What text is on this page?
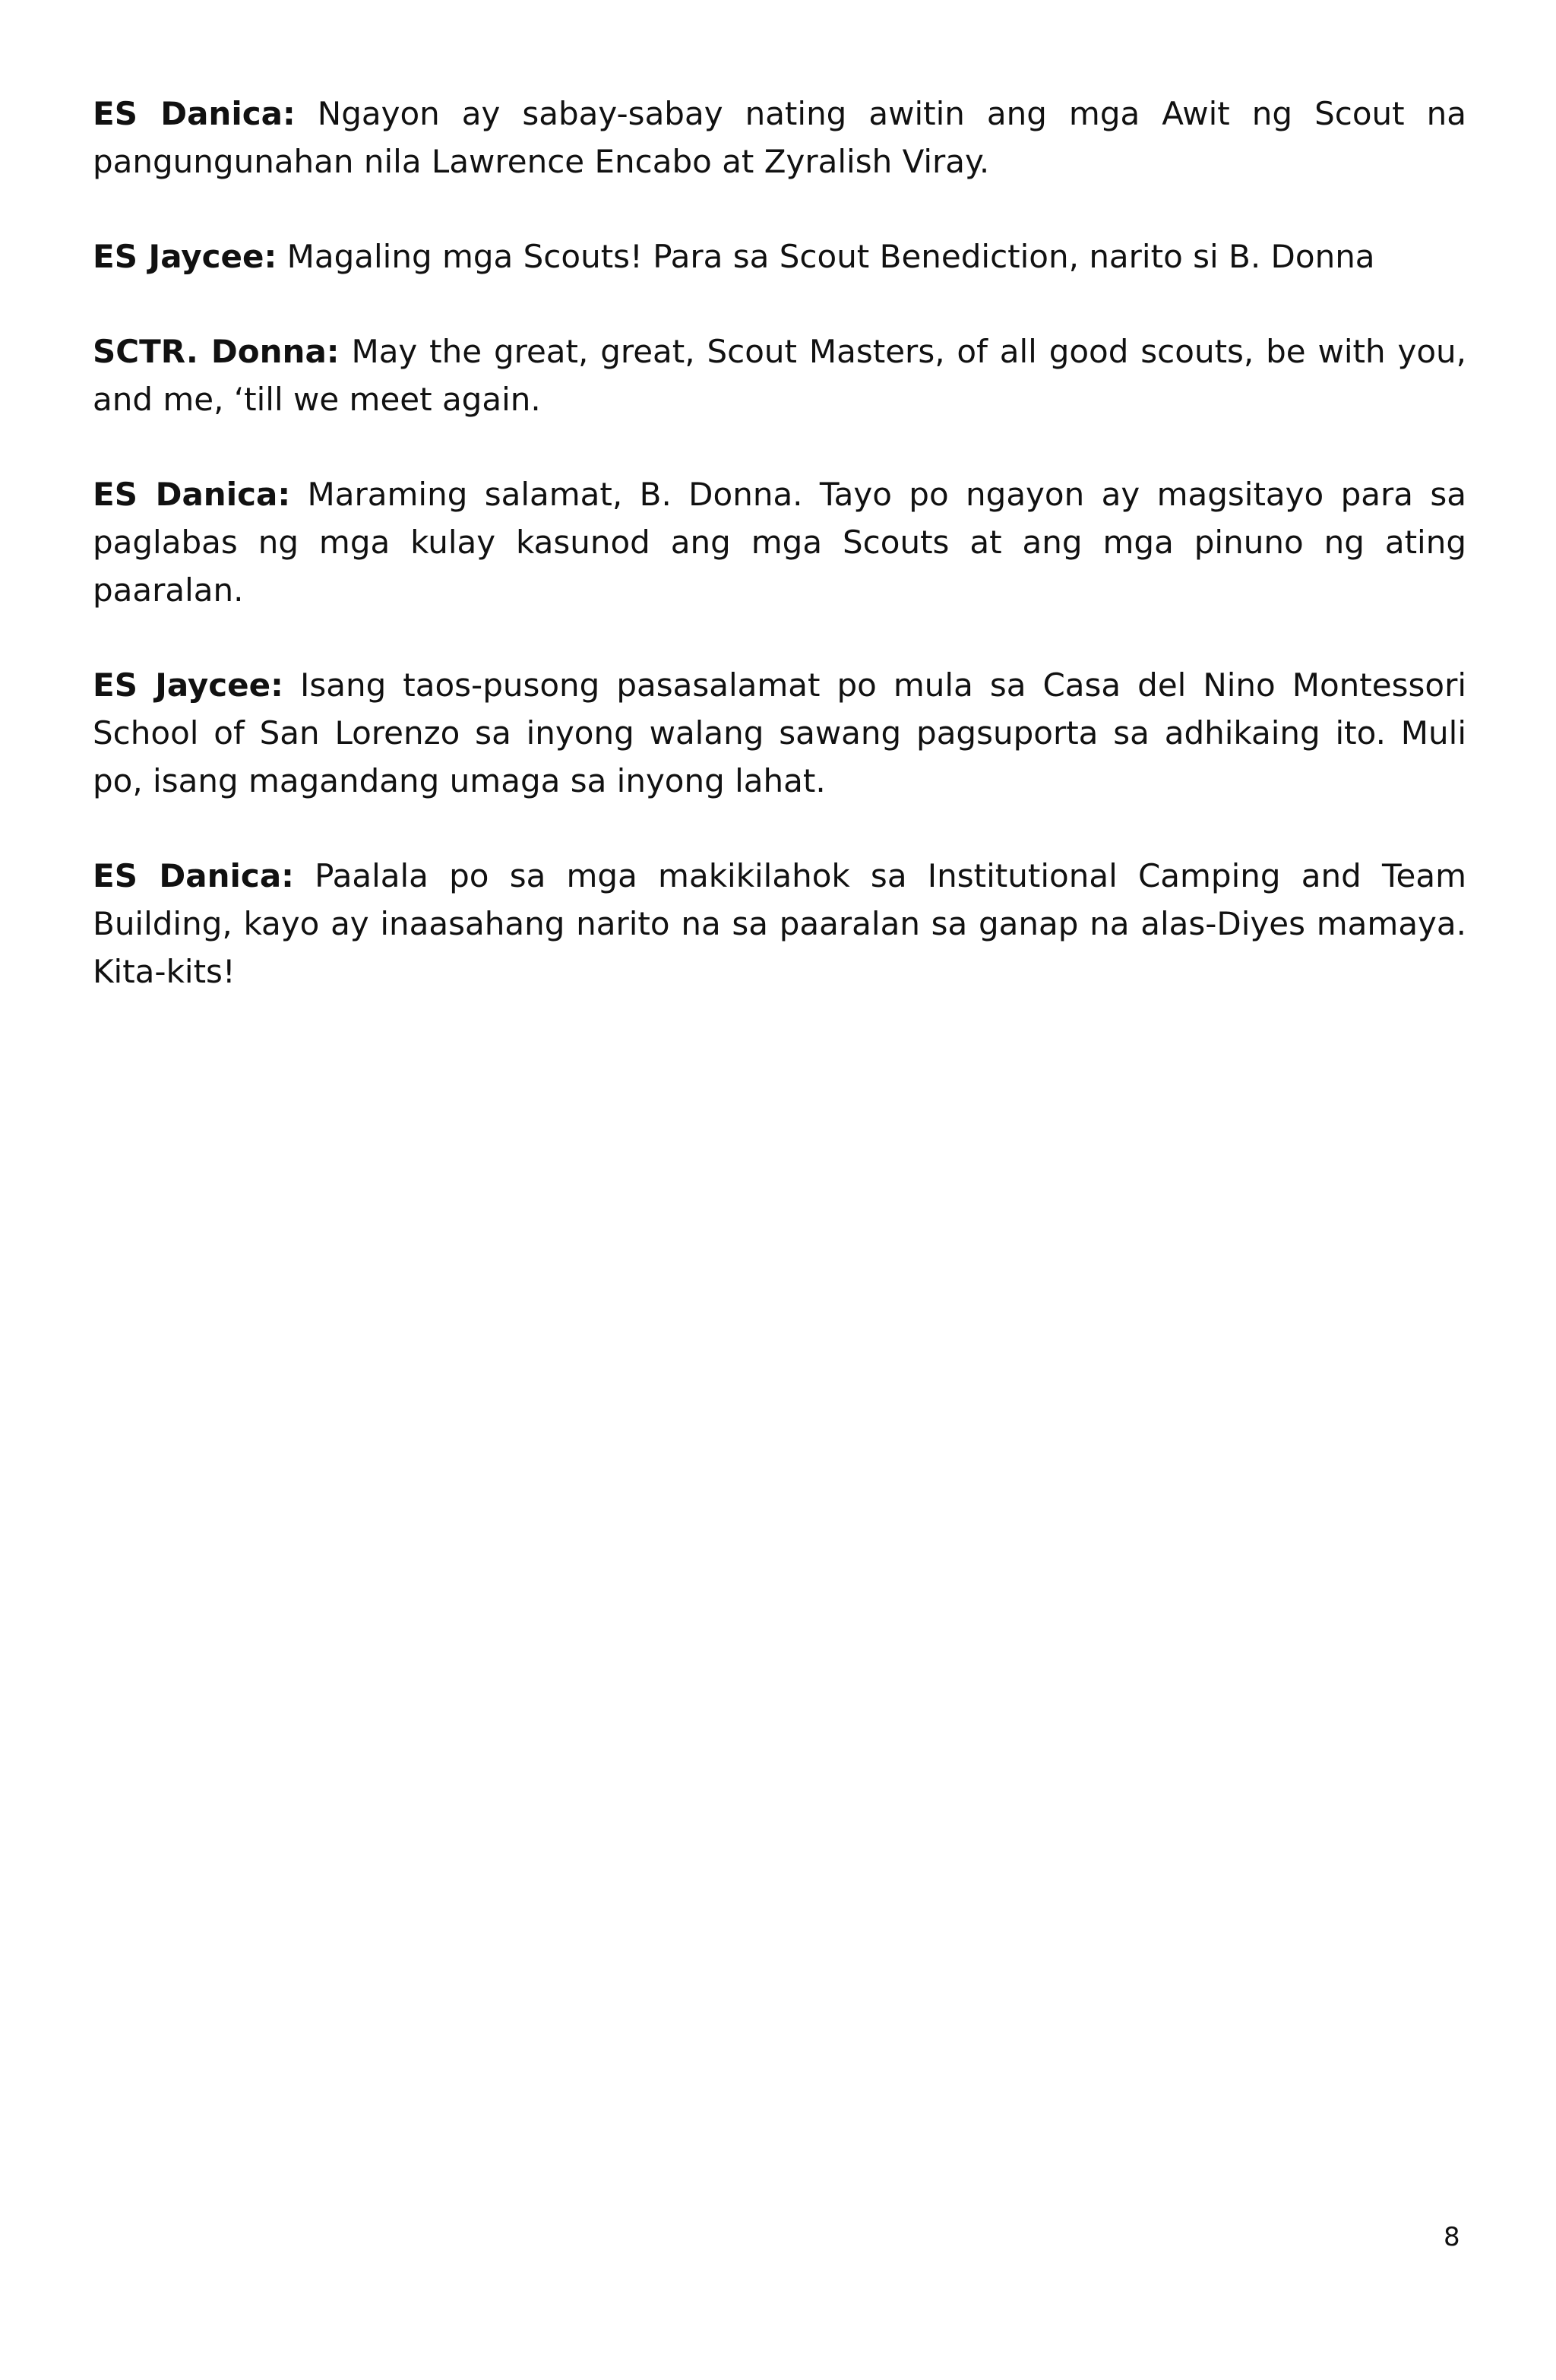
ES Danica: Ngayon ay sabay-sabay nating awitin ang mga Awit ng Scout na pangungunahan nila Lawrence Encabo at Zyralish Viray.

ES Jaycee: Magaling mga Scouts! Para sa Scout Benediction, narito si B. Donna

SCTR. Donna: May the great, great, Scout Masters, of all good scouts, be with you, and me, ‘till we meet again.

ES Danica: Maraming salamat, B. Donna. Tayo po ngayon ay magsitayo para sa paglabas ng mga kulay kasunod ang mga Scouts at ang mga pinuno ng ating paaralan.

ES Jaycee: Isang taos-pusong pasasalamat po mula sa Casa del Nino Montessori School of San Lorenzo sa inyong walang sawang pagsuporta sa adhikaing ito. Muli po, isang magandang umaga sa inyong lahat.

ES Danica: Paalala po sa mga makikilahok sa Institutional Camping and Team Building, kayo ay inaasahang narito na sa paaralan sa ganap na alas-Diyes mamaya. Kita-kits!

8
